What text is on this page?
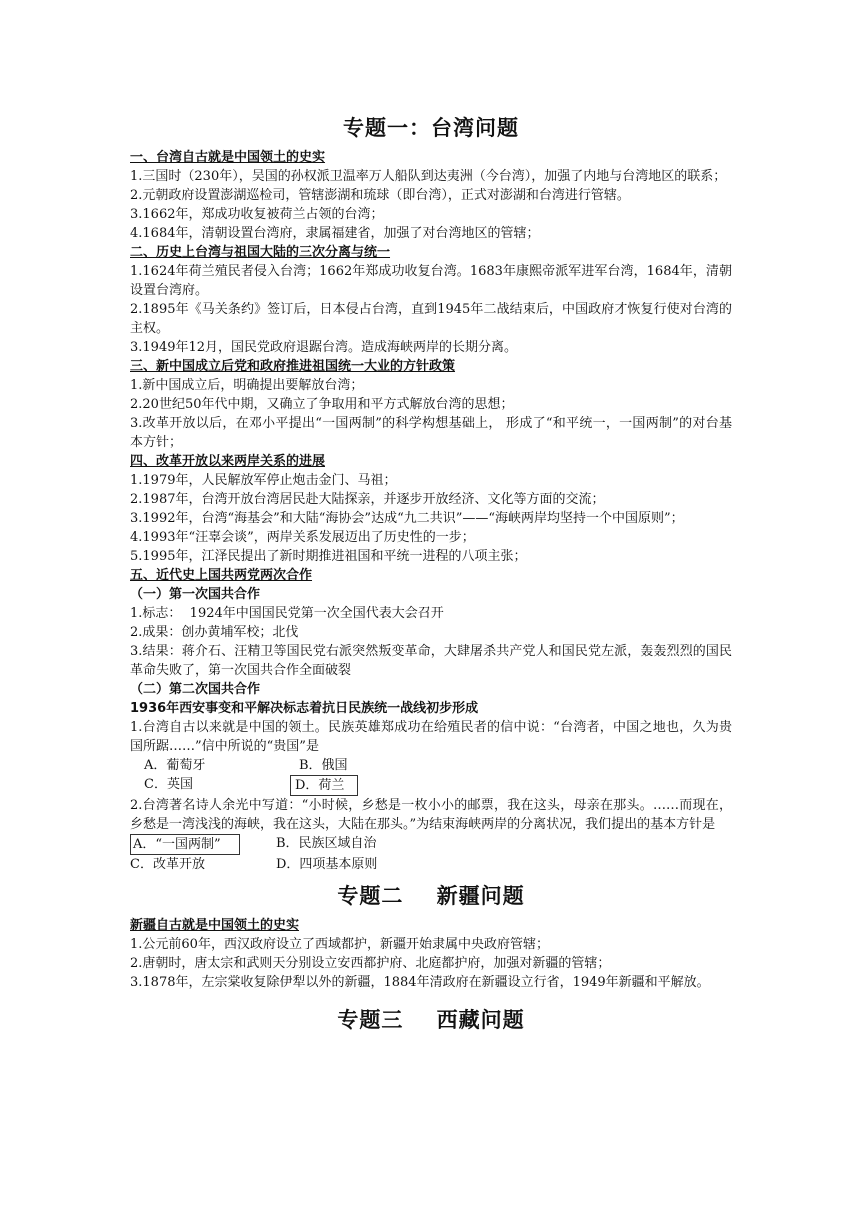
专题一：台湾问题
一、台湾自古就是中国领土的史实

1.三国时（230年），吴国的孙权派卫温率万人船队到达夷洲（今台湾），加强了内地与台湾地区的联系；

2.元朝政府设置澎湖巡检司，管辖澎湖和琉球（即台湾），正式对澎湖和台湾进行管辖。

3.1662年，郑成功收复被荷兰占领的台湾；

4.1684年，清朝设置台湾府，隶属福建省，加强了对台湾地区的管辖；

二、历史上台湾与祖国大陆的三次分离与统一

1.1624年荷兰殖民者侵入台湾；1662年郑成功收复台湾。1683年康熙帝派军进军台湾，1684年，清朝设置台湾府。

2.1895年《马关条约》签订后，日本侵占台湾，直到1945年二战结束后，中国政府才恢复行使对台湾的主权。

3.1949年12月，国民党政府退踞台湾。造成海峡两岸的长期分离。

三、新中国成立后党和政府推进祖国统一大业的方针政策

1.新中国成立后，明确提出要解放台湾；

2.20世纪50年代中期，又确立了争取用和平方式解放台湾的思想；

3.改革开放以后，在邓小平提出“一国两制”的科学构想基础上， 形成了“和平统一，一国两制”的对台基本方针；

四、改革开放以来两岸关系的进展

1.1979年，人民解放军停止炮击金门、马祖；

2.1987年，台湾开放台湾居民赴大陆探亲，并逐步开放经济、文化等方面的交流；

3.1992年，台湾“海基会”和大陆“海协会”达成“九二共识”——“海峡两岸均坚持一个中国原则”；

4.1993年“汪辜会谈”，两岸关系发展迈出了历史性的一步；

5.1995年，江泽民提出了新时期推进祖国和平统一进程的八项主张；

五、近代史上国共两党两次合作
（一）第一次国共合作

1.标志：  1924年中国国民党第一次全国代表大会召开

2.成果：创办黄埔军校；北伐

3.结果：蒋介石、汪精卫等国民党右派突然叛变革命，大肆屠杀共产党人和国民党左派，轰轰烈烈的国民革命失败了，第一次国共合作全面破裂

（二）第二次国共合作
1936年西安事变和平解决标志着抗日民族统一战线初步形成

1.台湾自古以来就是中国的领土。民族英雄郑成功在给殖民者的信中说：“台湾者，中国之地也，久为贵国所踞……”信中所说的“贵国”是

A．葡萄牙	B．俄国
C．英国	D．荷兰

2.台湾著名诗人余光中写道：“小时候，乡愁是一枚小小的邮票，我在这头，母亲在那头。……而现在，乡愁是一湾浅浅的海峡，我在这头，大陆在那头。”为结束海峡两岸的分离状况，我们提出的基本方针是

A．“一国两制”	B．民族区域自治
C．改革开放	D．四项基本原则
专题二    新疆问题
新疆自古就是中国领土的史实

1.公元前60年，西汉政府设立了西域都护，新疆开始隶属中央政府管辖；

2.唐朝时，唐太宗和武则天分别设立安西都护府、北庭都护府，加强对新疆的管辖；

3.1878年，左宗棠收复除伊犁以外的新疆，1884年清政府在新疆设立行省，1949年新疆和平解放。

专题三    西藏问题
